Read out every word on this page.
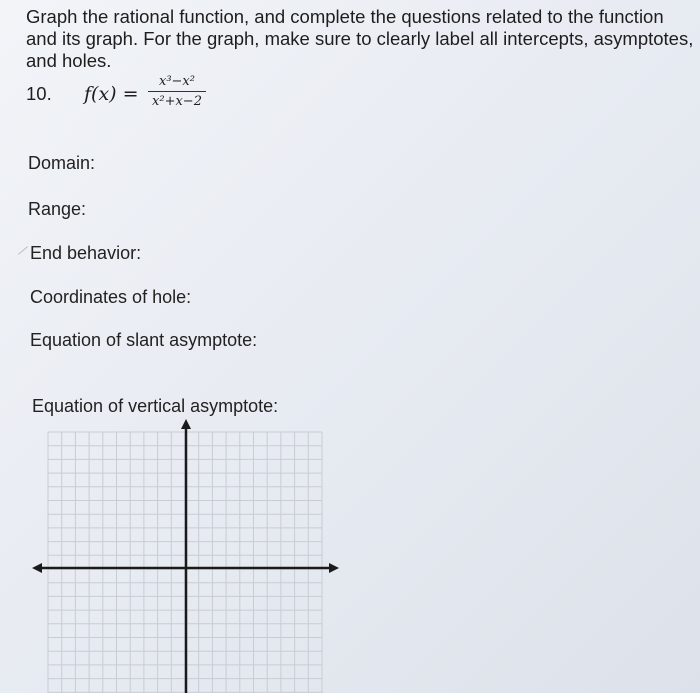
Graph the rational function, and complete the questions related to the function and its graph. For the graph, make sure to clearly label all intercepts, asymptotes, and holes.

10. f(x) =
x³−x²
x²+x−2

Domain:

Range:

End behavior:

Coordinates of hole:

Equation of slant asymptote:

Equation of vertical asymptote:
